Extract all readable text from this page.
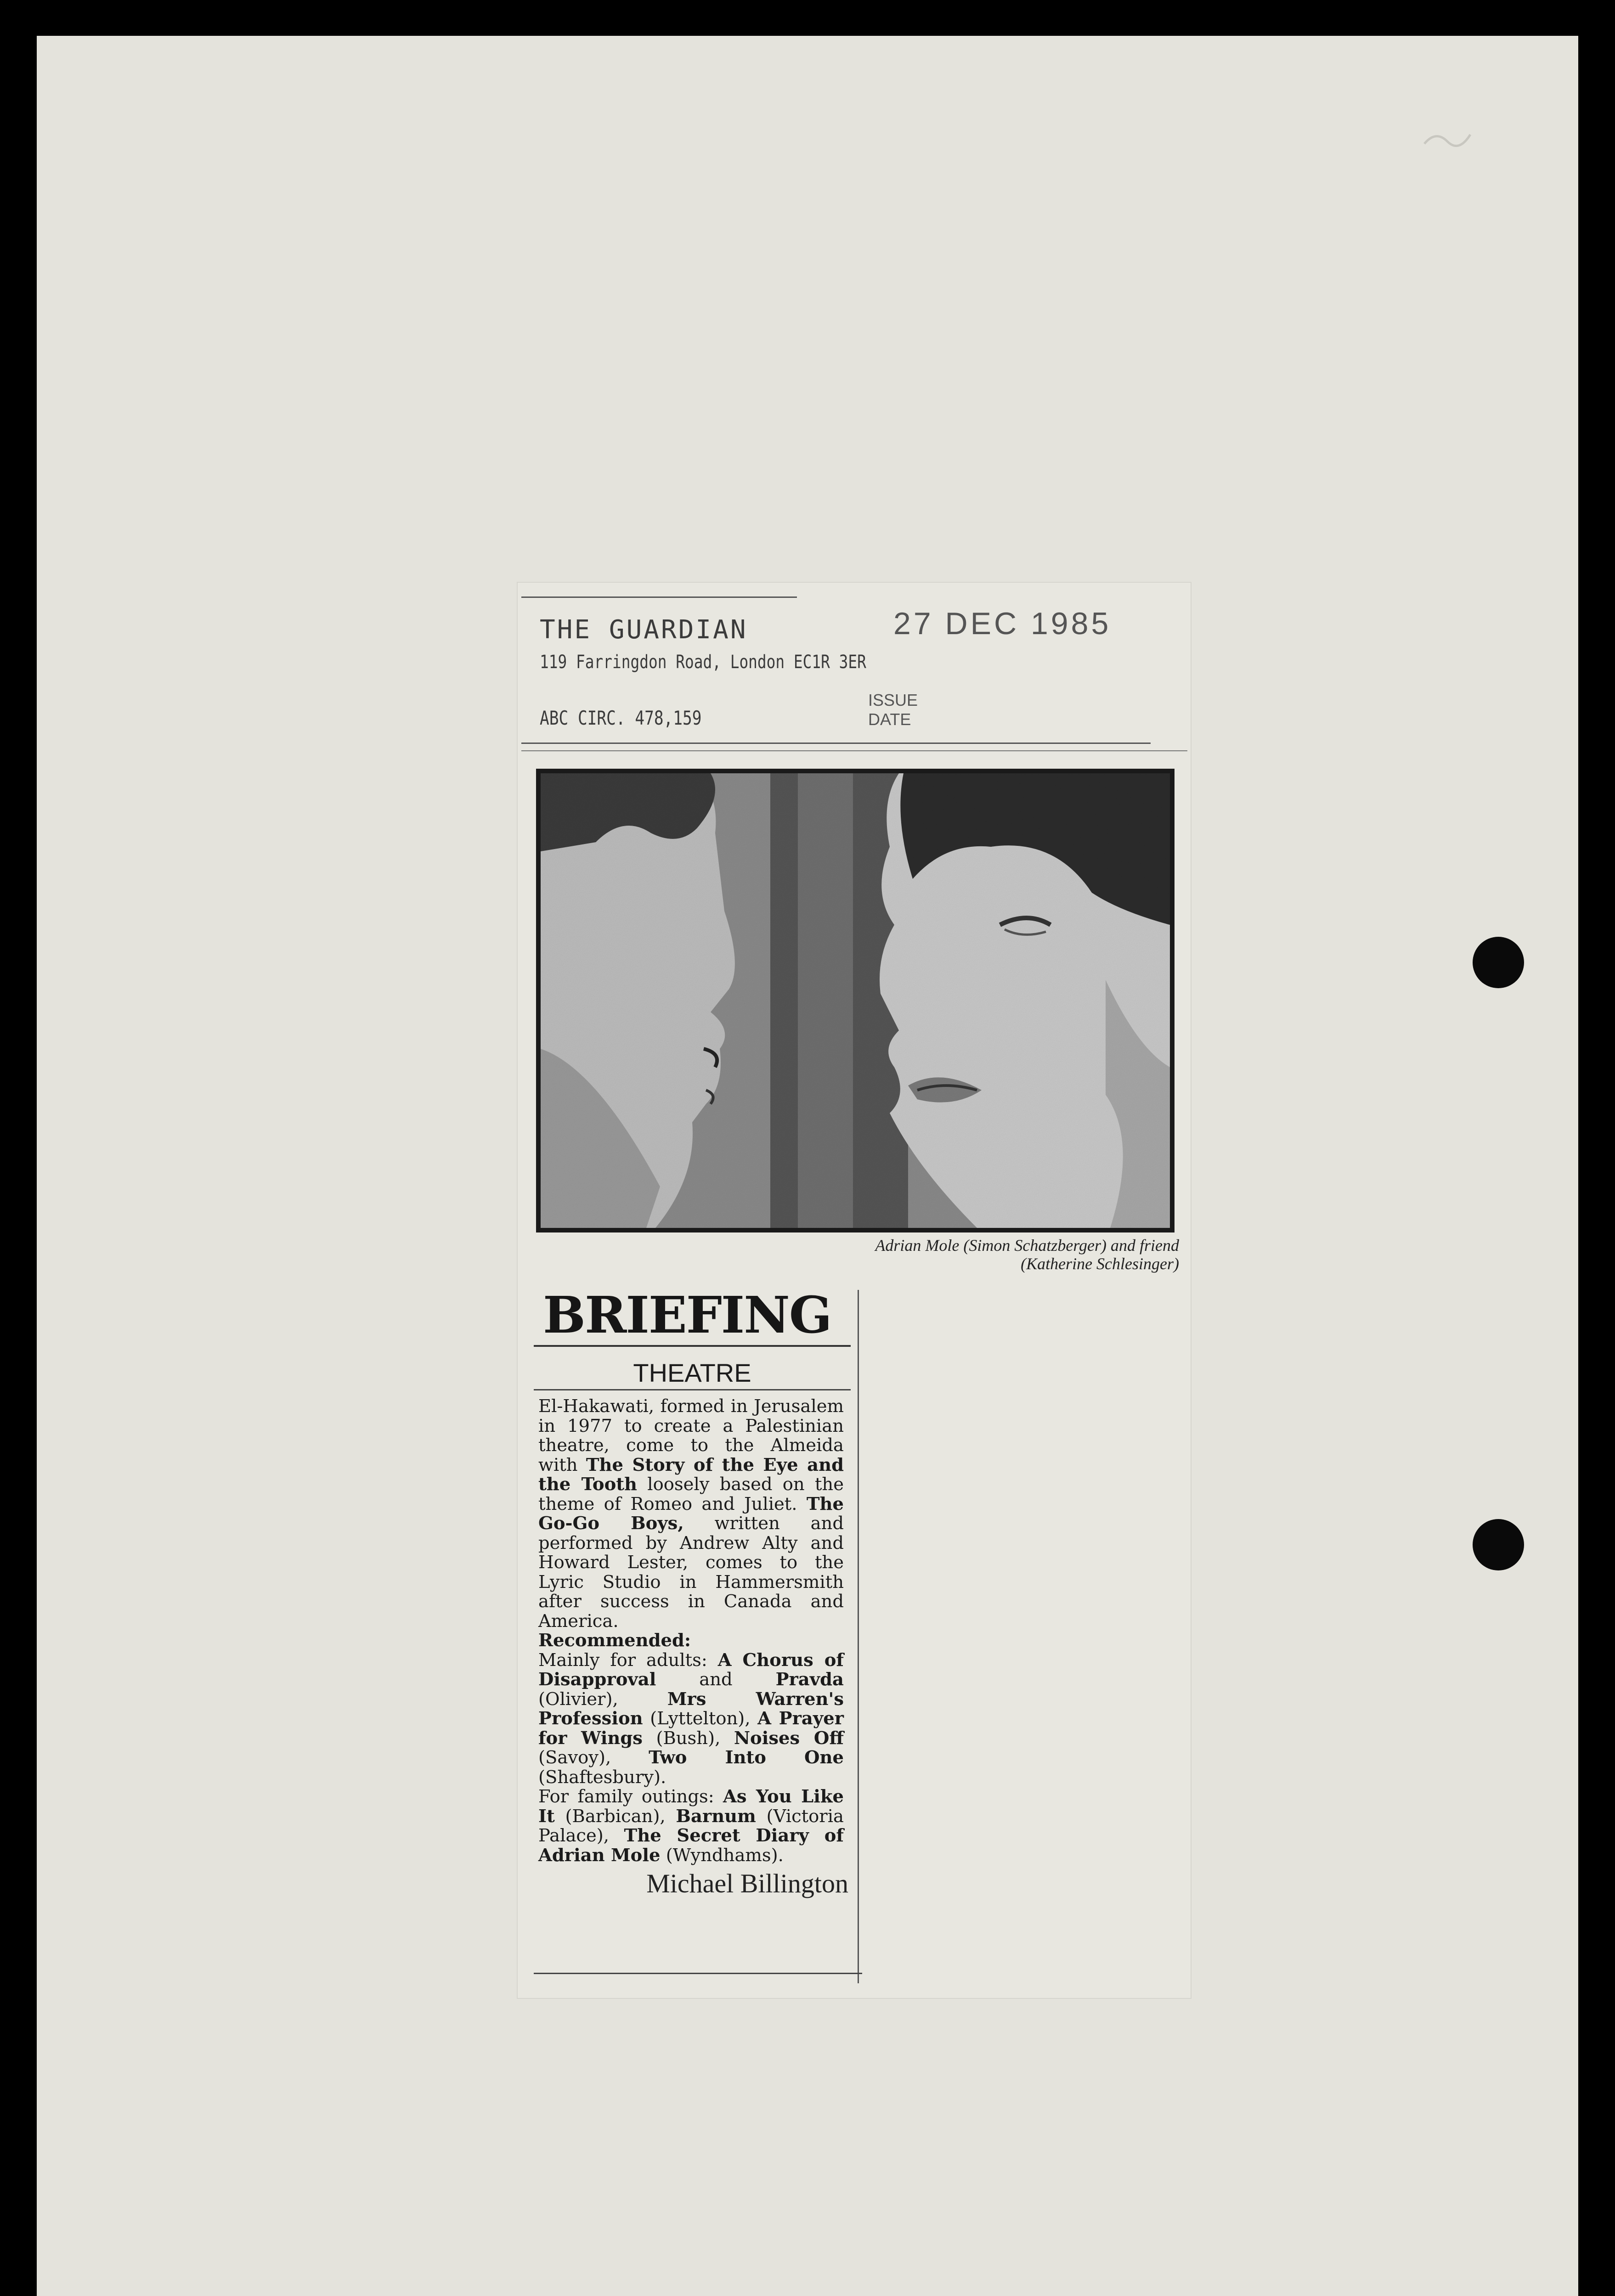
THE GUARDIAN
119 Farringdon Road, London EC1R 3ER
ABC CIRC. 478,159
ISSUE
DATE
27 DEC 1985
Adrian Mole (Simon Schatzberger) and friend
(Katherine Schlesinger)
BRIEFING
THEATRE

El-Hakawati, formed in Jerusalem in 1977 to create a Palestinian theatre, come to the Almeida with The Story of the Eye and the Tooth loosely based on the theme of Romeo and Juliet. The Go-Go Boys, written and performed by Andrew Alty and Howard Lester, comes to the Lyric Studio in Hammersmith after success in Canada and America.

Recommended:

Mainly for adults: A Chorus of Disapproval and Pravda (Olivier), Mrs Warren's Profession (Lyttelton), A Prayer for Wings (Bush), Noises Off (Savoy), Two Into One (Shaftesbury).

For family outings: As You Like It (Barbican), Barnum (Victoria Palace), The Secret Diary of Adrian Mole (Wyndhams).

Michael Billington
